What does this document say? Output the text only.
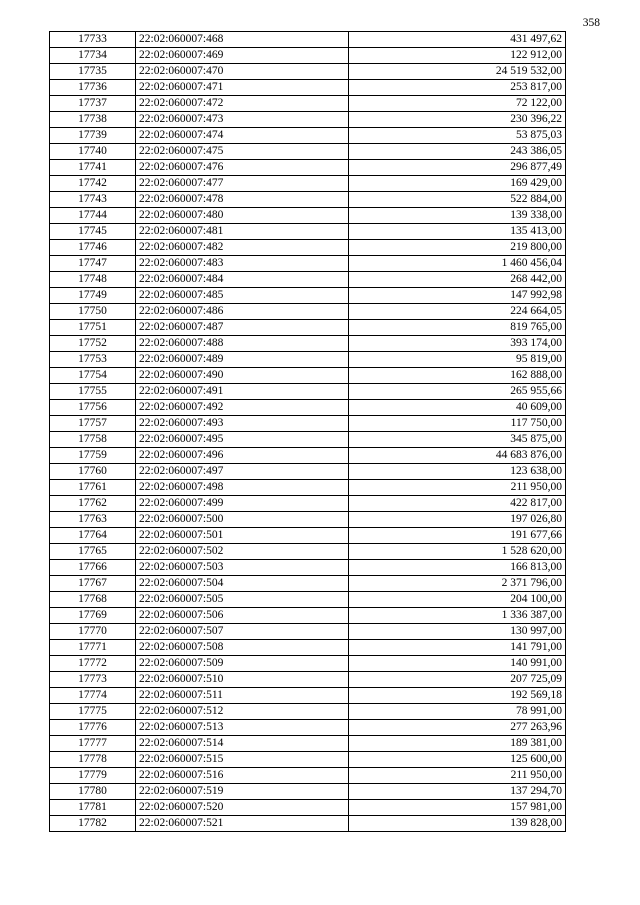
358
17733	22:02:060007:468	431 497,62
17734	22:02:060007:469	122 912,00
17735	22:02:060007:470	24 519 532,00
17736	22:02:060007:471	253 817,00
17737	22:02:060007:472	72 122,00
17738	22:02:060007:473	230 396,22
17739	22:02:060007:474	53 875,03
17740	22:02:060007:475	243 386,05
17741	22:02:060007:476	296 877,49
17742	22:02:060007:477	169 429,00
17743	22:02:060007:478	522 884,00
17744	22:02:060007:480	139 338,00
17745	22:02:060007:481	135 413,00
17746	22:02:060007:482	219 800,00
17747	22:02:060007:483	1 460 456,04
17748	22:02:060007:484	268 442,00
17749	22:02:060007:485	147 992,98
17750	22:02:060007:486	224 664,05
17751	22:02:060007:487	819 765,00
17752	22:02:060007:488	393 174,00
17753	22:02:060007:489	95 819,00
17754	22:02:060007:490	162 888,00
17755	22:02:060007:491	265 955,66
17756	22:02:060007:492	40 609,00
17757	22:02:060007:493	117 750,00
17758	22:02:060007:495	345 875,00
17759	22:02:060007:496	44 683 876,00
17760	22:02:060007:497	123 638,00
17761	22:02:060007:498	211 950,00
17762	22:02:060007:499	422 817,00
17763	22:02:060007:500	197 026,80
17764	22:02:060007:501	191 677,66
17765	22:02:060007:502	1 528 620,00
17766	22:02:060007:503	166 813,00
17767	22:02:060007:504	2 371 796,00
17768	22:02:060007:505	204 100,00
17769	22:02:060007:506	1 336 387,00
17770	22:02:060007:507	130 997,00
17771	22:02:060007:508	141 791,00
17772	22:02:060007:509	140 991,00
17773	22:02:060007:510	207 725,09
17774	22:02:060007:511	192 569,18
17775	22:02:060007:512	78 991,00
17776	22:02:060007:513	277 263,96
17777	22:02:060007:514	189 381,00
17778	22:02:060007:515	125 600,00
17779	22:02:060007:516	211 950,00
17780	22:02:060007:519	137 294,70
17781	22:02:060007:520	157 981,00
17782	22:02:060007:521	139 828,00
